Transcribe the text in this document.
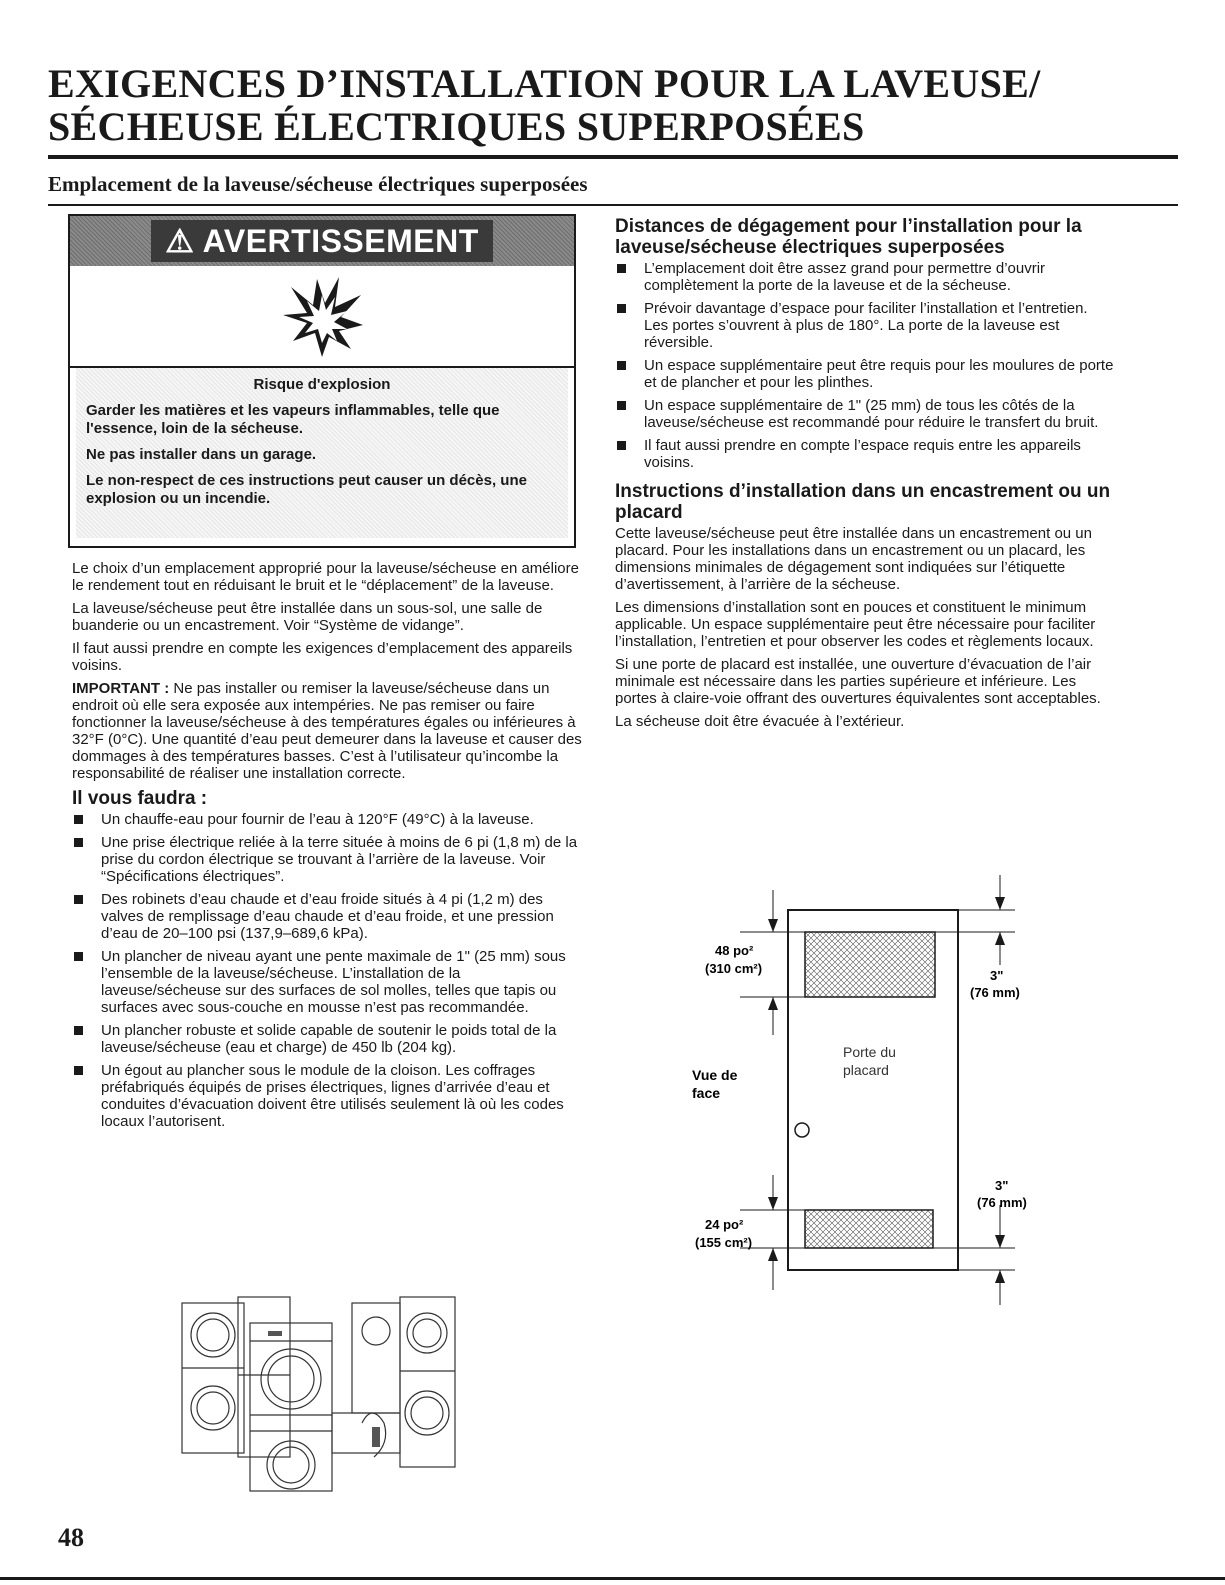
EXIGENCES D’INSTALLATION POUR LA LAVEUSE/
SÉCHEUSE ÉLECTRIQUES SUPERPOSÉES
Emplacement de la laveuse/sécheuse électriques superposées
⚠ AVERTISSEMENT
Risque d'explosion

Garder les matières et les vapeurs inflammables, telle que l'essence, loin de la sécheuse.

Ne pas installer dans un garage.

Le non-respect de ces instructions peut causer un décès, une explosion ou un incendie.

Le choix d’un emplacement approprié pour la laveuse/sécheuse en améliore le rendement tout en réduisant le bruit et le “déplacement” de la laveuse.

La laveuse/sécheuse peut être installée dans un sous-sol, une salle de buanderie ou un encastrement. Voir “Système de vidange”.

Il faut aussi prendre en compte les exigences d’emplacement des appareils voisins.

IMPORTANT : Ne pas installer ou remiser la laveuse/sécheuse dans un endroit où elle sera exposée aux intempéries. Ne pas remiser ou faire fonctionner la laveuse/sécheuse à des températures égales ou inférieures à 32°F (0°C). Une quantité d’eau peut demeurer dans la laveuse et causer des dommages à des températures basses. C’est à l’utilisateur qu’incombe la responsabilité de réaliser une installation correcte.

Il vous faudra :
Un chauffe-eau pour fournir de l’eau à 120°F (49°C) à la laveuse.
Une prise électrique reliée à la terre située à moins de 6 pi (1,8 m) de la prise du cordon électrique se trouvant à l’arrière de la laveuse. Voir “Spécifications électriques”.
Des robinets d’eau chaude et d’eau froide situés à 4 pi (1,2 m) des valves de remplissage d’eau chaude et d’eau froide, et une pression d’eau de 20–100 psi (137,9–689,6 kPa).
Un plancher de niveau ayant une pente maximale de 1" (25 mm) sous l’ensemble de la laveuse/sécheuse. L’installation de la laveuse/sécheuse sur des surfaces de sol molles, telles que tapis ou surfaces avec sous-couche en mousse n’est pas recommandée.
Un plancher robuste et solide capable de soutenir le poids total de la laveuse/sécheuse (eau et charge) de 450 lb (204 kg).
Un égout au plancher sous le module de la cloison. Les coffrages préfabriqués équipés de prises électriques, lignes d’arrivée d’eau et conduites d’évacuation doivent être utilisés seulement là où les codes locaux l’autorisent.
Distances de dégagement pour l’installation pour la laveuse/sécheuse électriques superposées
L’emplacement doit être assez grand pour permettre d’ouvrir complètement la porte de la laveuse et de la sécheuse.
Prévoir davantage d’espace pour faciliter l’installation et l’entretien. Les portes s’ouvrent à plus de 180°. La porte de la laveuse est réversible.
Un espace supplémentaire peut être requis pour les moulures de porte et de plancher et pour les plinthes.
Un espace supplémentaire de 1" (25 mm) de tous les côtés de la laveuse/sécheuse est recommandé pour réduire le transfert du bruit.
Il faut aussi prendre en compte l’espace requis entre les appareils voisins.
Instructions d’installation dans un encastrement ou un placard

Cette laveuse/sécheuse peut être installée dans un encastrement ou un placard. Pour les installations dans un encastrement ou un placard, les dimensions minimales de dégagement sont indiquées sur l’étiquette d’avertissement, à l’arrière de la sécheuse.

Les dimensions d’installation sont en pouces et constituent le minimum applicable. Un espace supplémentaire peut être nécessaire pour faciliter l’installation, l’entretien et pour observer les codes et règlements locaux.

Si une porte de placard est installée, une ouverture d’évacuation de l’air minimale est nécessaire dans les parties supérieure et inférieure. Les portes à claire-voie offrant des ouvertures équivalentes sont acceptables.

La sécheuse doit être évacuée à l’extérieur.

48 po²
(310 cm²)
24 po²
(155 cm²)
Vue de
face
Porte du
placard
3"
(76 mm)
3"
(76 mm)
48
